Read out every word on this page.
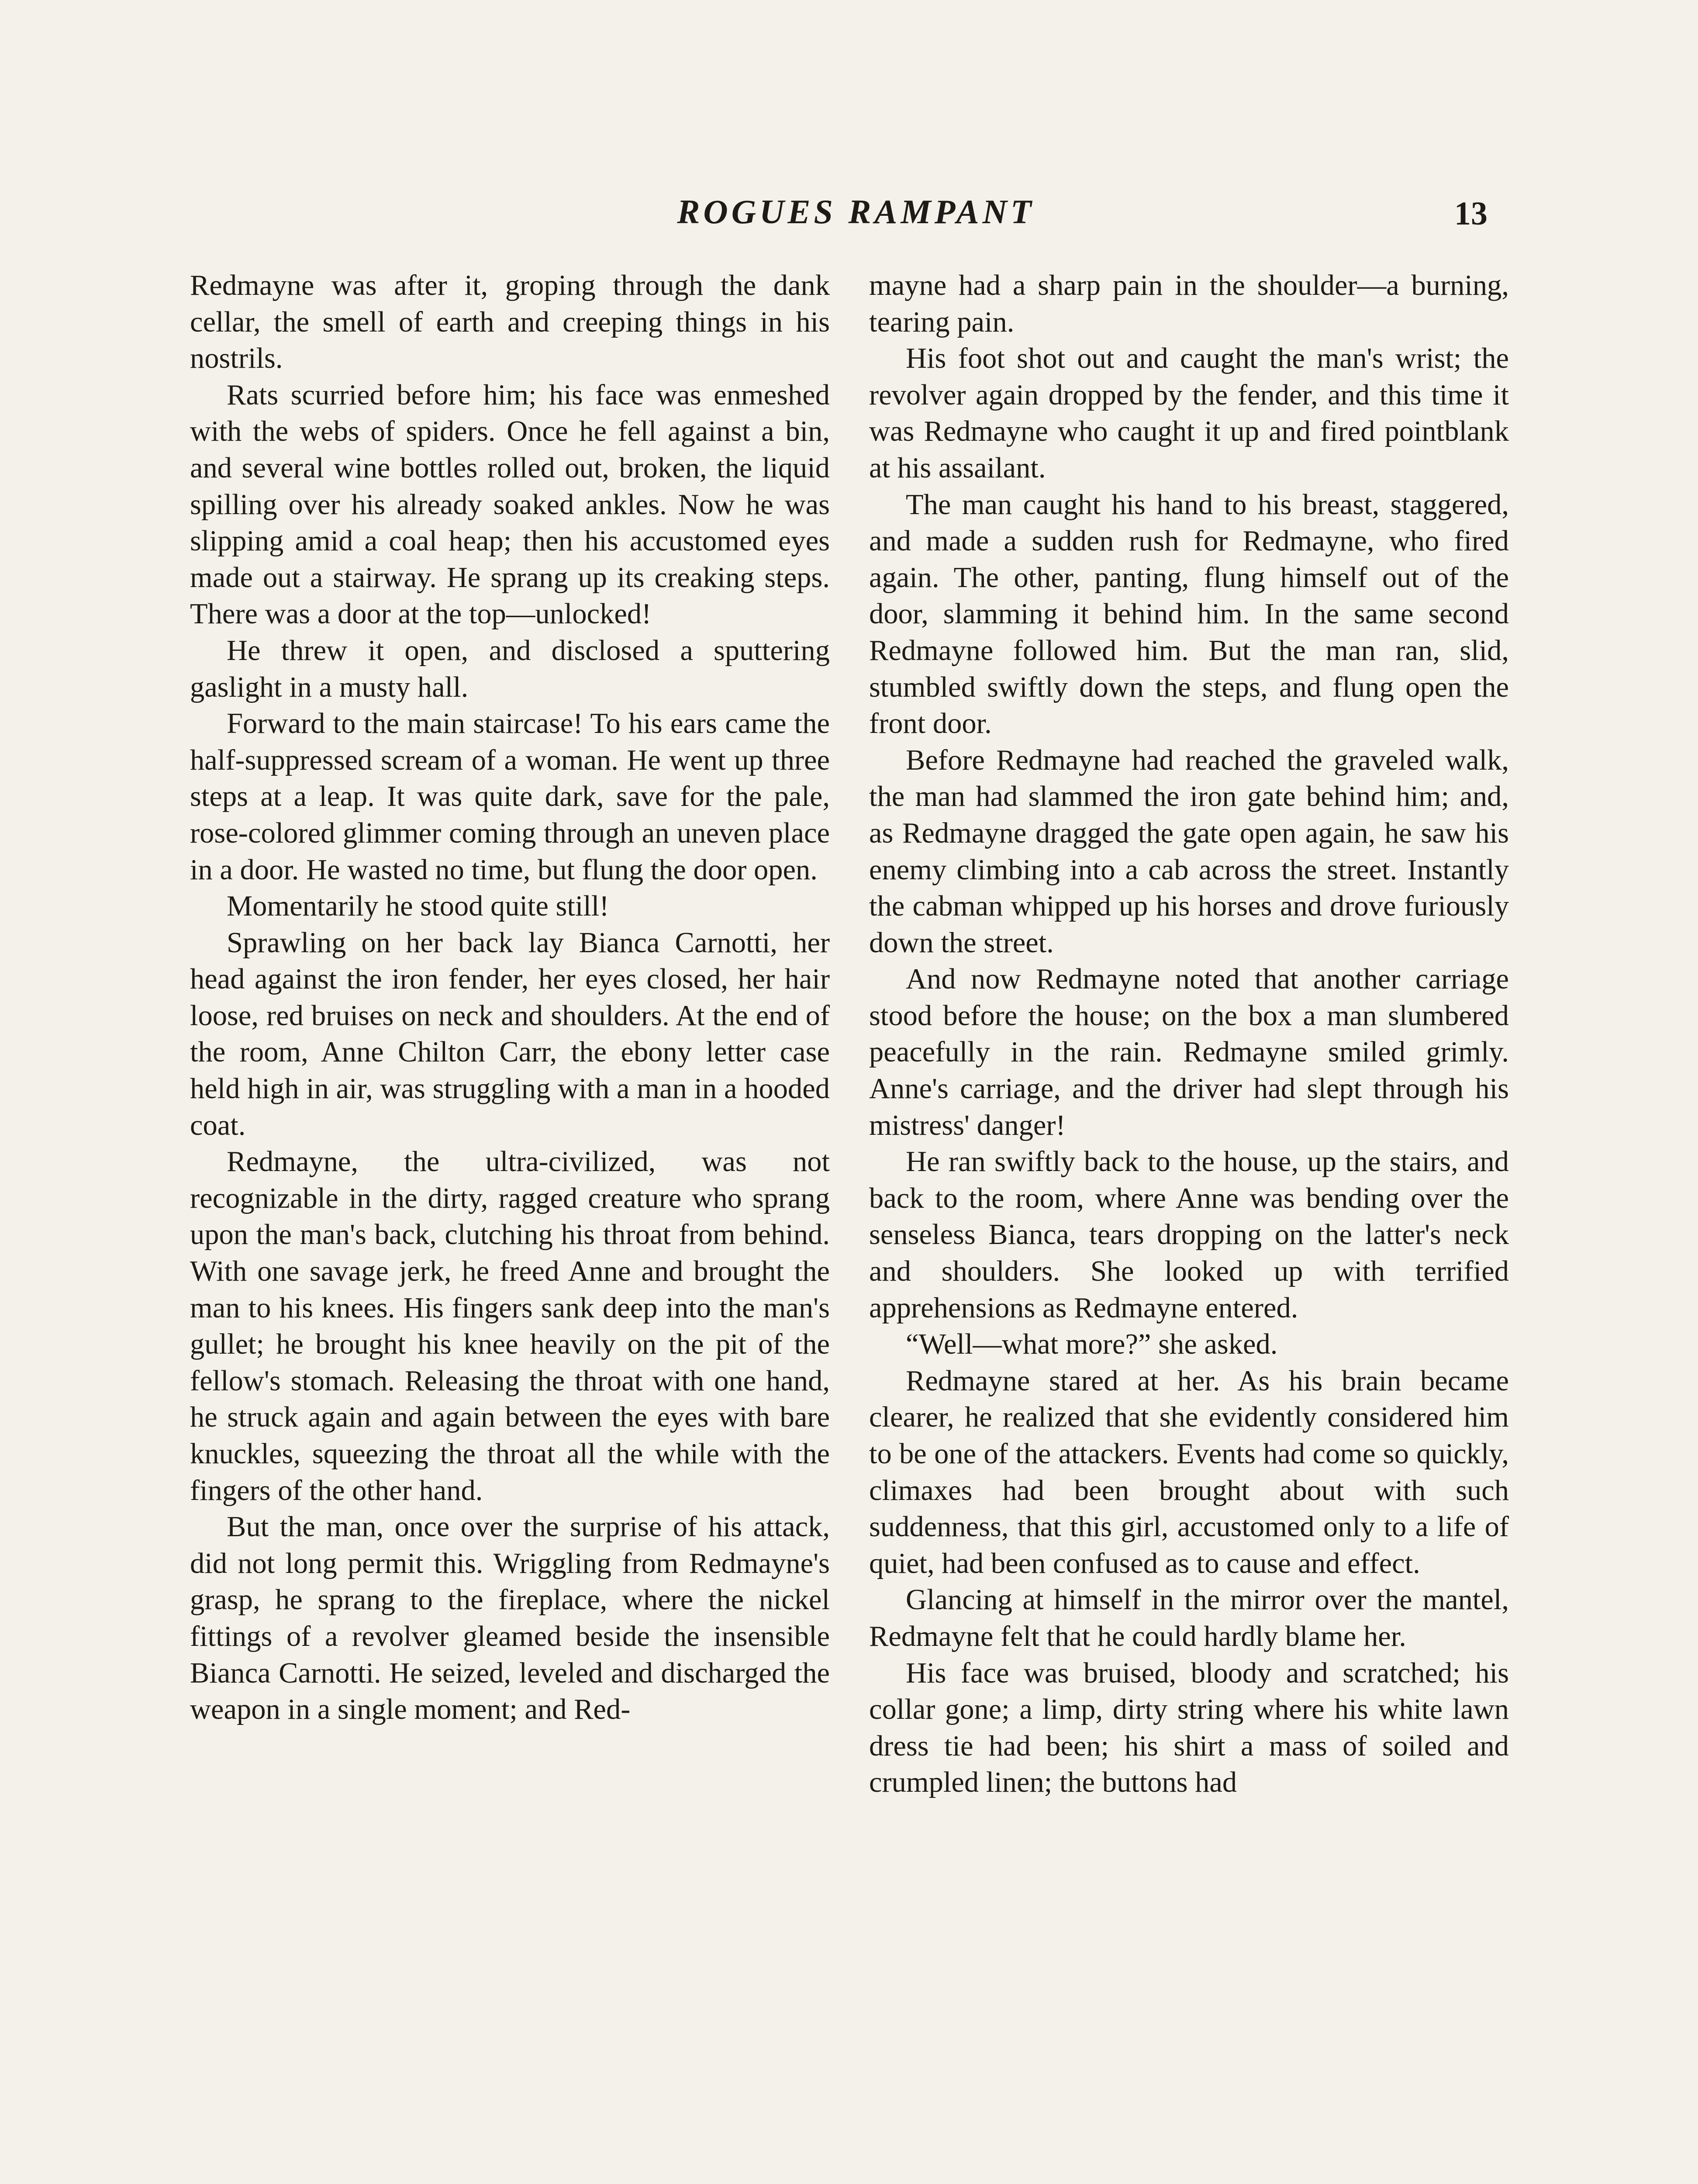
ROGUES RAMPANT	13

Redmayne was after it, groping through the dank cellar, the smell of earth and creeping things in his nostrils.

Rats scurried before him; his face was enmeshed with the webs of spiders. Once he fell against a bin, and several wine bottles rolled out, broken, the liquid spilling over his already soaked ankles. Now he was slipping amid a coal heap; then his accustomed eyes made out a stairway. He sprang up its creaking steps. There was a door at the top—unlocked!

He threw it open, and disclosed a sputtering gaslight in a musty hall.

Forward to the main staircase! To his ears came the half-suppressed scream of a woman. He went up three steps at a leap. It was quite dark, save for the pale, rose-colored glimmer coming through an uneven place in a door. He wasted no time, but flung the door open.

Momentarily he stood quite still!

Sprawling on her back lay Bianca Carnotti, her head against the iron fender, her eyes closed, her hair loose, red bruises on neck and shoulders. At the end of the room, Anne Chilton Carr, the ebony letter case held high in air, was struggling with a man in a hooded coat.

Redmayne, the ultra-civilized, was not recognizable in the dirty, ragged creature who sprang upon the man's back, clutching his throat from behind. With one savage jerk, he freed Anne and brought the man to his knees. His fingers sank deep into the man's gullet; he brought his knee heavily on the pit of the fellow's stomach. Releasing the throat with one hand, he struck again and again between the eyes with bare knuckles, squeezing the throat all the while with the fingers of the other hand.

But the man, once over the surprise of his attack, did not long permit this. Wriggling from Redmayne's grasp, he sprang to the fireplace, where the nickel fittings of a revolver gleamed beside the insensible Bianca Carnotti. He seized, leveled and discharged the weapon in a single moment; and Red-

mayne had a sharp pain in the shoulder—a burning, tearing pain.

His foot shot out and caught the man's wrist; the revolver again dropped by the fender, and this time it was Redmayne who caught it up and fired pointblank at his assailant.

The man caught his hand to his breast, staggered, and made a sudden rush for Redmayne, who fired again. The other, panting, flung himself out of the door, slamming it behind him. In the same second Redmayne followed him. But the man ran, slid, stumbled swiftly down the steps, and flung open the front door.

Before Redmayne had reached the graveled walk, the man had slammed the iron gate behind him; and, as Redmayne dragged the gate open again, he saw his enemy climbing into a cab across the street. Instantly the cabman whipped up his horses and drove furiously down the street.

And now Redmayne noted that another carriage stood before the house; on the box a man slumbered peacefully in the rain. Redmayne smiled grimly. Anne's carriage, and the driver had slept through his mistress' danger!

He ran swiftly back to the house, up the stairs, and back to the room, where Anne was bending over the senseless Bianca, tears dropping on the latter's neck and shoulders. She looked up with terrified apprehensions as Redmayne entered.

“Well—what more?” she asked.

Redmayne stared at her. As his brain became clearer, he realized that she evidently considered him to be one of the attackers. Events had come so quickly, climaxes had been brought about with such suddenness, that this girl, accustomed only to a life of quiet, had been confused as to cause and effect.

Glancing at himself in the mirror over the mantel, Redmayne felt that he could hardly blame her.

His face was bruised, bloody and scratched; his collar gone; a limp, dirty string where his white lawn dress tie had been; his shirt a mass of soiled and crumpled linen; the buttons had
